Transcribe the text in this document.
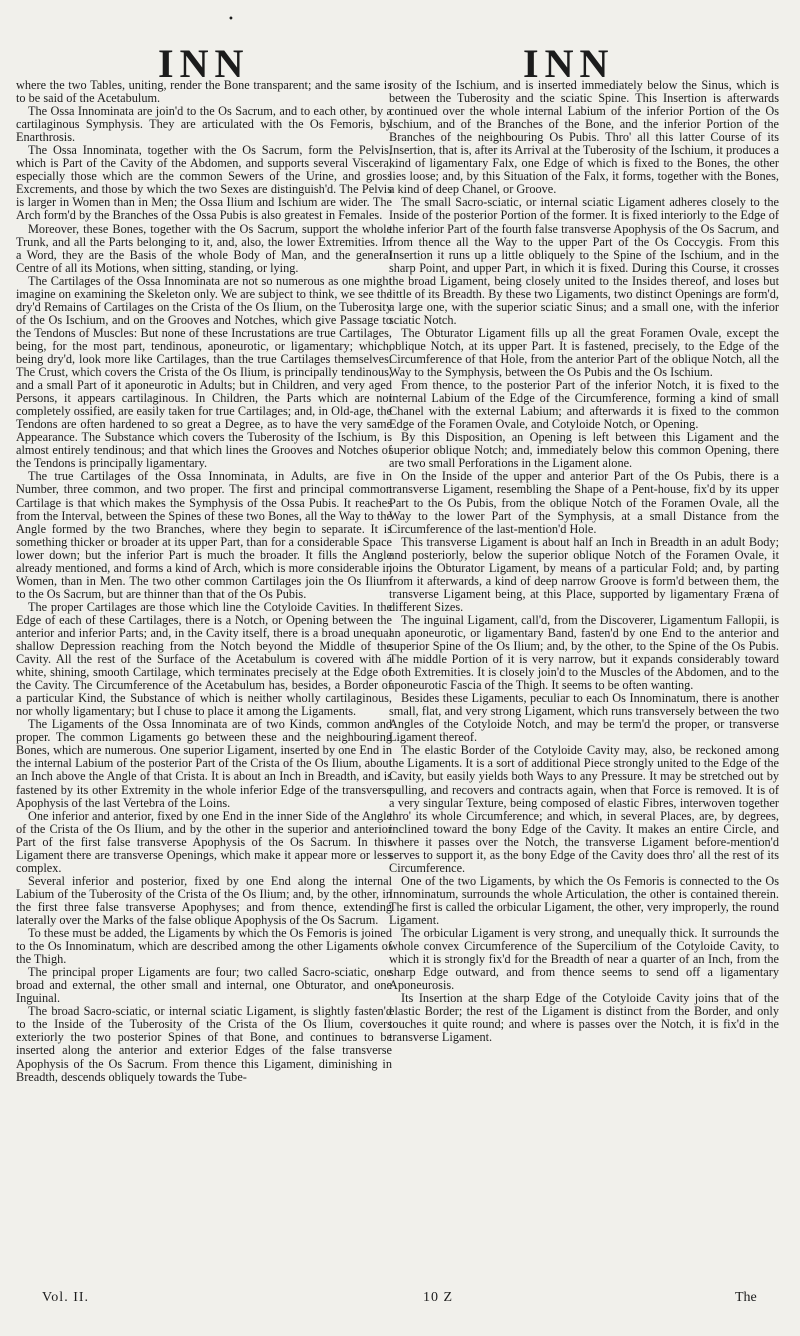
•
INN	INN

where the two Tables, uniting, render the Bone transparent; and the same is to be said of the Acetabulum.

The Ossa Innominata are join'd to the Os Sacrum, and to each other, by a cartilaginous Symphysis. They are articulated with the Os Femoris, by Enarthrosis.

The Ossa Innominata, together with the Os Sacrum, form the Pelvis, which is Part of the Cavity of the Abdomen, and supports several Viscera, especially those which are the common Sewers of the Urine, and gross Excrements, and those by which the two Sexes are distinguish'd. The Pelvis is larger in Women than in Men; the Ossa Ilium and Ischium are wider. The Arch form'd by the Branches of the Ossa Pubis is also greatest in Females.

Moreover, these Bones, together with the Os Sacrum, support the whole Trunk, and all the Parts belonging to it, and, also, the lower Extremities. In a Word, they are the Basis of the whole Body of Man, and the general Centre of all its Motions, when sitting, standing, or lying.

The Cartilages of the Ossa Innominata are not so numerous as one might imagine on examining the Skeleton only. We are subject to think, we see the dry'd Remains of Cartilages on the Crista of the Os Ilium, on the Tuberosity of the Os Ischium, and on the Grooves and Notches, which give Passage to the Tendons of Muscles: But none of these Incrustations are true Cartilages, being, for the most part, tendinous, aponeurotic, or ligamentary; which, being dry'd, look more like Cartilages, than the true Cartilages themselves. The Crust, which covers the Crista of the Os Ilium, is principally tendinous, and a small Part of it aponeurotic in Adults; but in Children, and very aged Persons, it appears cartilaginous. In Children, the Parts which are not completely ossified, are easily taken for true Cartilages; and, in Old-age, the Tendons are often hardened to so great a Degree, as to have the very same Appearance. The Substance which covers the Tuberosity of the Ischium, is almost entirely tendinous; and that which lines the Grooves and Notches of the Tendons is principally ligamentary.

The true Cartilages of the Ossa Innominata, in Adults, are five in Number, three common, and two proper. The first and principal common Cartilage is that which makes the Symphysis of the Ossa Pubis. It reaches from the Interval, between the Spines of these two Bones, all the Way to the Angle formed by the two Branches, where they begin to separate. It is something thicker or broader at its upper Part, than for a considerable Space lower down; but the inferior Part is much the broader. It fills the Angle already mentioned, and forms a kind of Arch, which is more considerable in Women, than in Men. The two other common Cartilages join the Os Ilium to the Os Sacrum, but are thinner than that of the Os Pubis.

The proper Cartilages are those which line the Cotyloide Cavities. In the Edge of each of these Cartilages, there is a Notch, or Opening between the anterior and inferior Parts; and, in the Cavity itself, there is a broad unequal shallow Depression reaching from the Notch beyond the Middle of the Cavity. All the rest of the Surface of the Acetabulum is covered with a white, shining, smooth Cartilage, which terminates precisely at the Edge of the Cavity. The Circumference of the Acetabulum has, besides, a Border of a particular Kind, the Substance of which is neither wholly cartilaginous, nor wholly ligamentary; but I chuse to place it among the Ligaments.

The Ligaments of the Ossa Innominata are of two Kinds, common and proper. The common Ligaments go between these and the neighbouring Bones, which are numerous. One superior Ligament, inserted by one End in the internal Labium of the posterior Part of the Crista of the Os Ilium, about an Inch above the Angle of that Crista. It is about an Inch in Breadth, and is fastened by its other Extremity in the whole inferior Edge of the transverse Apophysis of the last Vertebra of the Loins.

One inferior and anterior, fixed by one End in the inner Side of the Angle of the Crista of the Os Ilium, and by the other in the superior and anterior Part of the first false transverse Apophysis of the Os Sacrum. In this Ligament there are transverse Openings, which make it appear more or less complex.

Several inferior and posterior, fixed by one End along the internal Labium of the Tuberosity of the Crista of the Os Ilium; and, by the other, in the first three false transverse Apophyses; and from thence, extending laterally over the Marks of the false oblique Apophysis of the Os Sacrum.

To these must be added, the Ligaments by which the Os Femoris is joined to the Os Innominatum, which are described among the other Ligaments of the Thigh.

The principal proper Ligaments are four; two called Sacro-sciatic, one broad and external, the other small and internal, one Obturator, and one Inguinal.

The broad Sacro-sciatic, or internal sciatic Ligament, is slightly fasten'd to the Inside of the Tuberosity of the Crista of the Os Ilium, covers exteriorly the two posterior Spines of that Bone, and continues to be inserted along the anterior and exterior Edges of the false transverse Apophysis of the Os Sacrum. From thence this Ligament, diminishing in Breadth, descends obliquely towards the Tube-

rosity of the Ischium, and is inserted immediately below the Sinus, which is between the Tuberosity and the sciatic Spine. This Insertion is afterwards continued over the whole internal Labium of the inferior Portion of the Os Ischium, and of the Branches of the Bone, and the inferior Portion of the Branches of the neighbouring Os Pubis. Thro' all this latter Course of its Insertion, that is, after its Arrival at the Tuberosity of the Ischium, it produces a kind of ligamentary Falx, one Edge of which is fixed to the Bones, the other lies loose; and, by this Situation of the Falx, it forms, together with the Bones, a kind of deep Chanel, or Groove.

The small Sacro-sciatic, or internal sciatic Ligament adheres closely to the Inside of the posterior Portion of the former. It is fixed interiorly to the Edge of the inferior Part of the fourth false transverse Apophysis of the Os Sacrum, and from thence all the Way to the upper Part of the Os Coccygis. From this Insertion it runs up a little obliquely to the Spine of the Ischium, and in the sharp Point, and upper Part, in which it is fixed. During this Course, it crosses the broad Ligament, being closely united to the Insides thereof, and loses but little of its Breadth. By these two Ligaments, two distinct Openings are form'd, a large one, with the superior sciatic Sinus; and a small one, with the inferior sciatic Notch.

The Obturator Ligament fills up all the great Foramen Ovale, except the oblique Notch, at its upper Part. It is fastened, precisely, to the Edge of the Circumference of that Hole, from the anterior Part of the oblique Notch, all the Way to the Symphysis, between the Os Pubis and the Os Ischium.

From thence, to the posterior Part of the inferior Notch, it is fixed to the internal Labium of the Edge of the Circumference, forming a kind of small Chanel with the external Labium; and afterwards it is fixed to the common Edge of the Foramen Ovale, and Cotyloide Notch, or Opening.

By this Disposition, an Opening is left between this Ligament and the superior oblique Notch; and, immediately below this common Opening, there are two small Perforations in the Ligament alone.

On the Inside of the upper and anterior Part of the Os Pubis, there is a transverse Ligament, resembling the Shape of a Pent-house, fix'd by its upper Part to the Os Pubis, from the oblique Notch of the Foramen Ovale, all the Way to the lower Part of the Symphysis, at a small Distance from the Circumference of the last-mention'd Hole.

This transverse Ligament is about half an Inch in Breadth in an adult Body; and posteriorly, below the superior oblique Notch of the Foramen Ovale, it joins the Obturator Ligament, by means of a particular Fold; and, by parting from it afterwards, a kind of deep narrow Groove is form'd between them, the transverse Ligament being, at this Place, supported by ligamentary Fræna of different Sizes.

The inguinal Ligament, call'd, from the Discoverer, Ligamentum Fallopii, is an aponeurotic, or ligamentary Band, fasten'd by one End to the anterior and superior Spine of the Os Ilium; and, by the other, to the Spine of the Os Pubis. The middle Portion of it is very narrow, but it expands considerably toward both Extremities. It is closely join'd to the Muscles of the Abdomen, and to the aponeurotic Fascia of the Thigh. It seems to be often wanting.

Besides these Ligaments, peculiar to each Os Innominatum, there is another small, flat, and very strong Ligament, which runs transversely between the two Angles of the Cotyloide Notch, and may be term'd the proper, or transverse Ligament thereof.

The elastic Border of the Cotyloide Cavity may, also, be reckoned among the Ligaments. It is a sort of additional Piece strongly united to the Edge of the Cavity, but easily yields both Ways to any Pressure. It may be stretched out by pulling, and recovers and contracts again, when that Force is removed. It is of a very singular Texture, being composed of elastic Fibres, interwoven together thro' its whole Circumference; and which, in several Places, are, by degrees, inclined toward the bony Edge of the Cavity. It makes an entire Circle, and where it passes over the Notch, the transverse Ligament before-mention'd serves to support it, as the bony Edge of the Cavity does thro' all the rest of its Circumference.

One of the two Ligaments, by which the Os Femoris is connected to the Os Innominatum, surrounds the whole Articulation, the other is contained therein. The first is called the orbicular Ligament, the other, very improperly, the round Ligament.

The orbicular Ligament is very strong, and unequally thick. It surrounds the whole convex Circumference of the Supercilium of the Cotyloide Cavity, to which it is strongly fix'd for the Breadth of near a quarter of an Inch, from the sharp Edge outward, and from thence seems to send off a ligamentary Aponeurosis.

Its Insertion at the sharp Edge of the Cotyloide Cavity joins that of the elastic Border; the rest of the Ligament is distinct from the Border, and only touches it quite round; and where is passes over the Notch, it is fix'd in the transverse Ligament.

Vol. II.	10 Z	The
